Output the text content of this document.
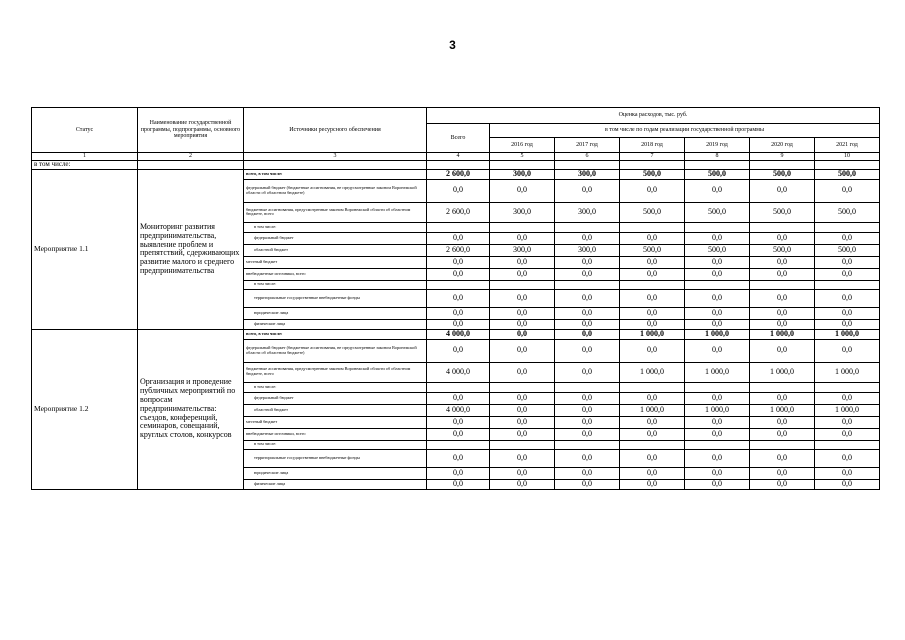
3
Статус	Наименование государственной программы, подпрограммы, основного мероприятия	Источники ресурсного обеспечения	Оценка расходов, тыс. руб.						
			Всего	в том числе по годам реализации государственной программы					
				2016 год	2017 год	2018 год	2019 год	2020 год	2021 год
1	2	3	4	5	6	7	8	9	10
в том числе:									
Мероприятие 1.1	Мониторинг развития предпринимательства, выявление проблем и препятствий, сдерживающих развитие малого и среднего предпринимательства	всего, в том числе:	2 600,0	300,0	300,0	500,0	500,0	500,0	500,0
		федеральный бюджет (бюджетные ассигнования, не предусмотренные законом Воронежской области об областном бюджете)	0,0	0,0	0,0	0,0	0,0	0,0	0,0
		бюджетные ассигнования, предусмотренные законом Воронежской области об областном бюджете, всего	2 600,0	300,0	300,0	500,0	500,0	500,0	500,0
		в том числе:							
		федеральный бюджет	0,0	0,0	0,0	0,0	0,0	0,0	0,0
		областной бюджет	2 600,0	300,0	300,0	500,0	500,0	500,0	500,0
		местный бюджет	0,0	0,0	0,0	0,0	0,0	0,0	0,0
		внебюджетные источники, всего	0,0	0,0	0,0	0,0	0,0	0,0	0,0
		в том числе:							
		территориальные государственные внебюджетные фонды	0,0	0,0	0,0	0,0	0,0	0,0	0,0
		юридические лица	0,0	0,0	0,0	0,0	0,0	0,0	0,0
		физические лица	0,0	0,0	0,0	0,0	0,0	0,0	0,0
Мероприятие 1.2	Организация и проведение публичных мероприятий по вопросам предпринимательства: съездов, конференций, семинаров, совещаний, круглых столов, конкурсов	всего, в том числе:	4 000,0	0,0	0,0	1 000,0	1 000,0	1 000,0	1 000,0
		федеральный бюджет (бюджетные ассигнования, не предусмотренные законом Воронежской области об областном бюджете)	0,0	0,0	0,0	0,0	0,0	0,0	0,0
		бюджетные ассигнования, предусмотренные законом Воронежской области об областном бюджете, всего	4 000,0	0,0	0,0	1 000,0	1 000,0	1 000,0	1 000,0
		в том числе:							
		федеральный бюджет	0,0	0,0	0,0	0,0	0,0	0,0	0,0
		областной бюджет	4 000,0	0,0	0,0	1 000,0	1 000,0	1 000,0	1 000,0
		местный бюджет	0,0	0,0	0,0	0,0	0,0	0,0	0,0
		внебюджетные источники, всего	0,0	0,0	0,0	0,0	0,0	0,0	0,0
		в том числе:							
		территориальные государственные внебюджетные фонды	0,0	0,0	0,0	0,0	0,0	0,0	0,0
		юридические лица	0,0	0,0	0,0	0,0	0,0	0,0	0,0
		физические лица	0,0	0,0	0,0	0,0	0,0	0,0	0,0
